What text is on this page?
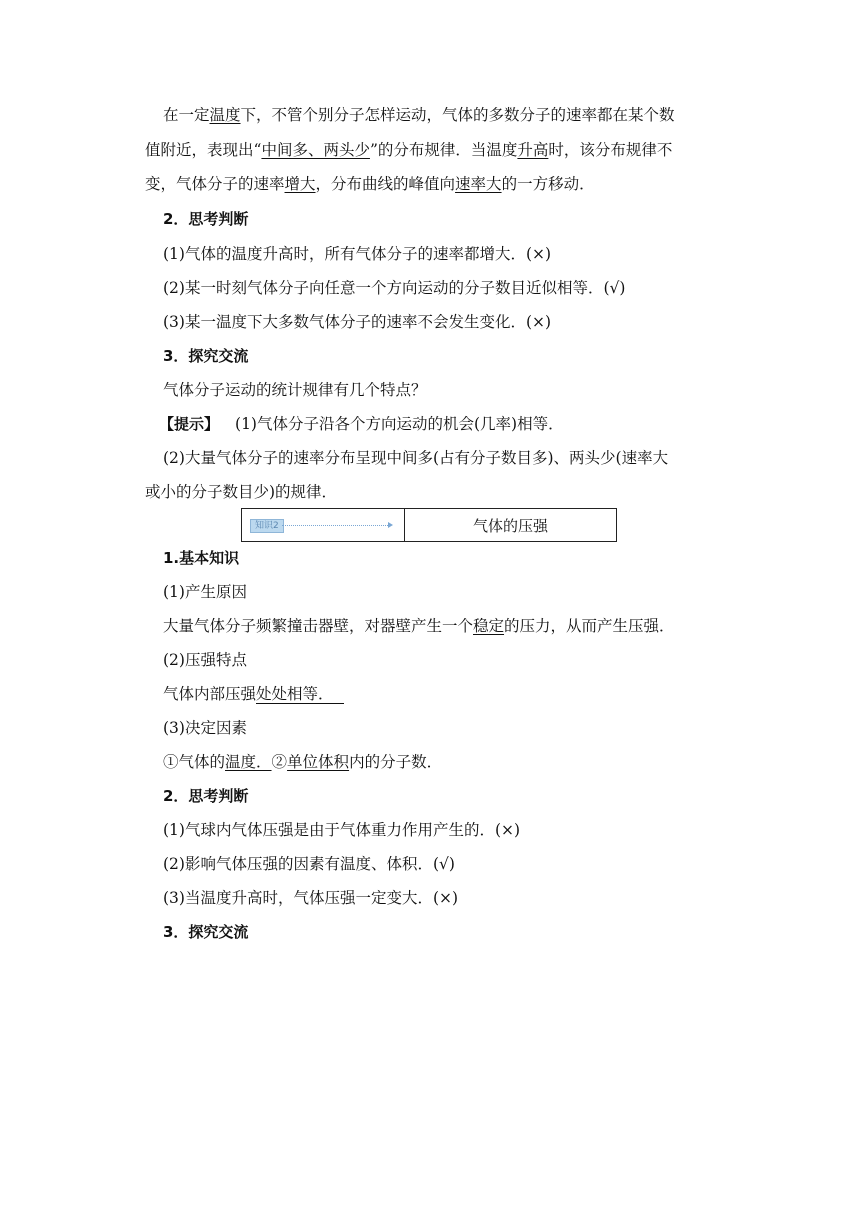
在一定温度下，不管个别分子怎样运动，气体的多数分子的速率都在某个数
值附近，表现出“中间多、两头少”的分布规律．当温度升高时，该分布规律不
变，气体分子的速率增大，分布曲线的峰值向速率大的一方移动．
2．思考判断
(1)气体的温度升高时，所有气体分子的速率都增大．(×)
(2)某一时刻气体分子向任意一个方向运动的分子数目近似相等．(√)
(3)某一温度下大多数气体分子的速率不会发生变化．(×)
3．探究交流
气体分子运动的统计规律有几个特点？
【提示】 (1)气体分子沿各个方向运动的机会(几率)相等．
(2)大量气体分子的速率分布呈现中间多(占有分子数目多)、两头少(速率大
或小的分子数目少)的规律．
知识2	气体的压强
1.基本知识
(1)产生原因
大量气体分子频繁撞击器壁，对器壁产生一个稳定的压力，从而产生压强．
(2)压强特点
气体内部压强处处相等．
(3)决定因素
①气体的温度．②单位体积内的分子数．
2．思考判断
(1)气球内气体压强是由于气体重力作用产生的．(×)
(2)影响气体压强的因素有温度、体积．(√)
(3)当温度升高时，气体压强一定变大．(×)
3．探究交流
